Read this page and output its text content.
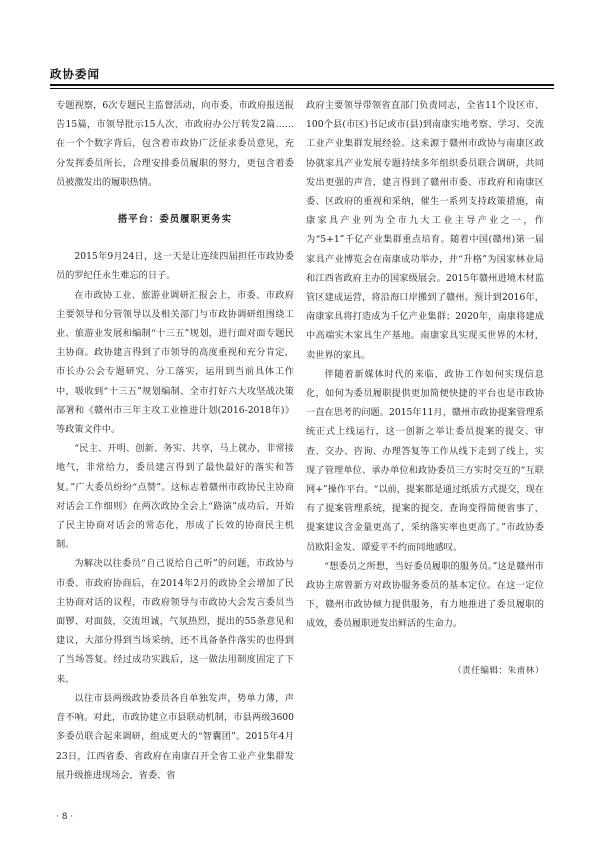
政协委闻

专题视察，6次专题民主监督活动，向市委、市政府报送报告15篇，市领导批示15人次，市政府办公厅转发2篇……在一个个数字背后，包含着市政协广泛征求委员意见，充分发挥委员所长，合理安排委员履职的努力，更包含着委员被激发出的履职热情。

搭平台：委员履职更务实

2015年9月24日，这一天是让连续四届担任市政协委员的罗纪任永生难忘的日子。

在市政协工业、旅游业调研汇报会上，市委、市政府主要领导和分管领导以及相关部门与市政协调研组围绕工业、旅游业发展和编制“十三五”规划，进行面对面专题民主协商。政协建言得到了市领导的高度重视和充分肯定，市长办公会专题研究、分工落实，运用到当前具体工作中，吸收到“十三五”规划编制、全市打好六大攻坚战决策部署和《赣州市三年主攻工业推进计划(2016-2018年)》等政策文件中。

“民主、开明、创新、务实、共享，马上就办，非常接地气，非常给力，委员建言得到了最快最好的落实和答复。”广大委员纷纷“点赞”。这标志着赣州市政协民主协商对话会工作细则》在两次政协全会上“路演”成功后，开始了民主协商对话会的常态化，形成了长效的协商民主机制。

为解决以往委员“自己说给自己听”的问题，市政协与市委、市政府协商后，在2014年2月的政协全会增加了民主协商对话的议程，市政府领导与市政协大会发言委员当面锣、对面鼓，交流坦诚，气氛热烈，提出的55条意见和建议，大部分得到当场采纳，还不具备条件落实的也得到了当场答复。经过成功实践后，这一做法用制度固定了下来。

以往市县两级政协委员各自单独发声，势单力薄，声音不响。对此，市政协建立市县联动机制，市县两级3600多委员联合起来调研，组成更大的“智囊团”。2015年4月23日，江西省委、省政府在南康召开全省工业产业集群发展升级推进现场会，省委、省

政府主要领导带领省直部门负责同志，全省11个设区市、100个县(市区)书记或市(县)到南康实地考察、学习、交流工业产业集群发展经验。这来源于赣州市政协与南康区政协就家具产业发展专题持续多年组织委员联合调研，共同发出更强的声音，建言得到了赣州市委、市政府和南康区委、区政府的重视和采纳，催生一系列支持政策措施，南康家具产业列为全市九大工业主导产业之一，作为“5+1”千亿产业集群重点培育。随着中国(赣州)第一届家具产业博览会在南康成功举办，并“升格”为国家林业局和江西省政府主办的国家级展会。2015年赣州进境木材监管区建成运营，将沿海口岸搬到了赣州。预计到2016年，南康家具将打造成为千亿产业集群；2020年，南康将建成中高端实木家具生产基地。南康家具实现买世界的木材，卖世界的家具。

伴随着新媒体时代的来临，政协工作如何实现信息化，如何为委员履职提供更加简便快捷的平台也是市政协一直在思考的问题。2015年11月，赣州市政协提案管理系统正式上线运行，这一创新之举让委员提案的提交、审查、交办、咨询、办理答复等工作从线下走到了线上，实现了管理单位、承办单位和政协委员三方实时交互的“互联网+”操作平台。“以前，提案都是通过纸质方式提交，现在有了提案管理系统，提案的提交、查询变得简便省事了，提案建议含金量更高了，采纳落实率也更高了。”市政协委员欧阳金发、谭爱平不约而同地感叹。

“想委员之所想，当好委员履职的服务员。”这是赣州市政协主席曾新方对政协服务委员的基本定位。在这一定位下，赣州市政协倾力提供服务，有力地推进了委员履职的成效，委员履职迸发出鲜活的生命力。

（责任编辑：朱甫林）

· 8 ·
